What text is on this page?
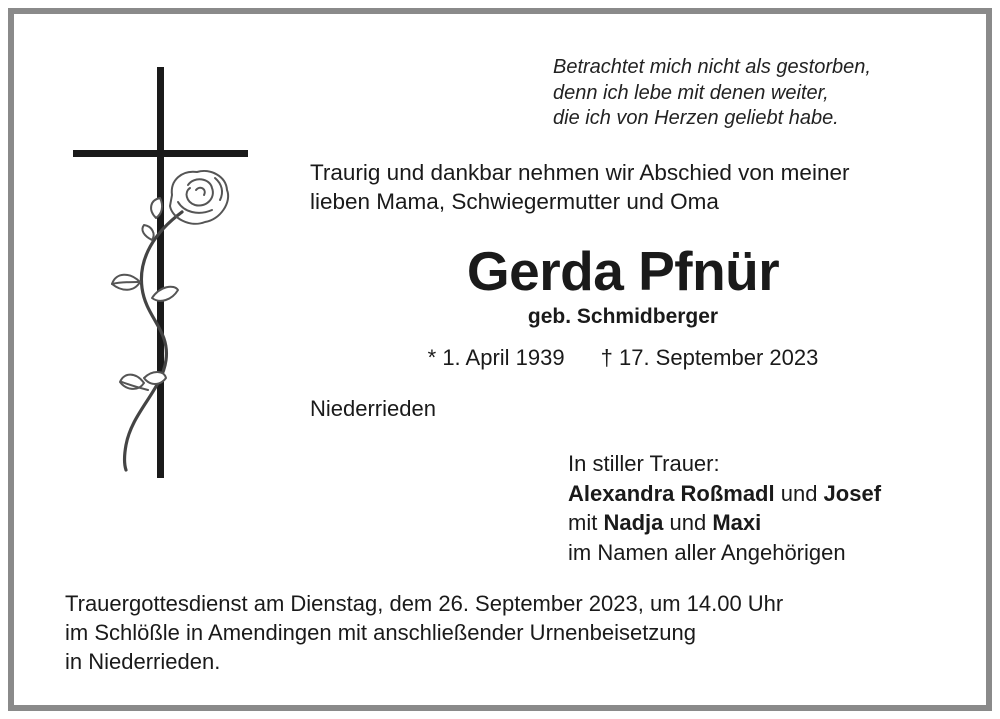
Betrachtet mich nicht als gestorben,
denn ich lebe mit denen weiter,
die ich von Herzen geliebt habe.
Traurig und dankbar nehmen wir Abschied von meiner
lieben Mama, Schwiegermutter und Oma
Gerda Pfnür
geb. Schmidberger
* 1. April 1939 † 17. September 2023
Niederrieden
In stiller Trauer:
Alexandra Roßmadl und Josef
mit Nadja und Maxi
im Namen aller Angehörigen
Trauergottesdienst am Dienstag, dem 26. September 2023, um 14.00 Uhr
im Schlößle in Amendingen mit anschließender Urnenbeisetzung
in Niederrieden.
